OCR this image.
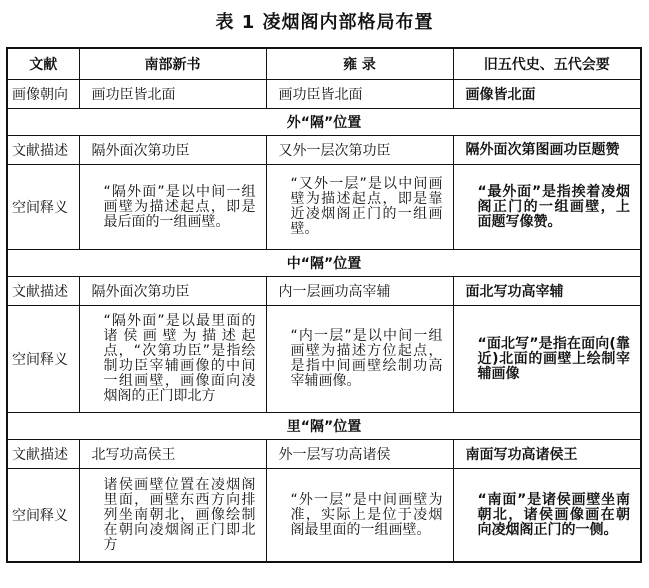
表 1 凌烟阁内部格局布置
文献	南部新书	雍 录	旧五代史、五代会要
画像朝向	画功臣皆北面	画功臣皆北面	画像皆北面
外“隔”位置			
文献描述	隔外面次第功臣	又外一层次第功臣	隔外面次第图画功臣题赞
空间释义	“隔外面”是以中间一组画壁为描述起点，即是最后面的一组画壁。	“又外一层”是以中间画壁为描述起点，即是靠近凌烟阁正门的一组画壁。	“最外面”是指挨着凌烟阁正门的一组画壁，上面题写像赞。
中“隔”位置			
文献描述	隔外面次第功臣	内一层画功高宰辅	面北写功高宰辅
空间释义	“隔外面”是以最里面的诸侯画壁为描述起点，“次第功臣”是指绘制功臣宰辅画像的中间一组画壁，画像面向凌烟阁的正门即北方	“内一层”是以中间一组画壁为描述方位起点，是指中间画壁绘制功高宰辅画像。	“面北写”是指在面向(靠近)北面的画壁上绘制宰辅画像
里“隔”位置			
文献描述	北写功高侯王	外一层写功高诸侯	南面写功高诸侯王
空间释义	诸侯画壁位置在凌烟阁里面，画壁东西方向排列坐南朝北，画像绘制在朝向凌烟阁正门即北方	“外一层”是中间画壁为准，实际上是位于凌烟阁最里面的一组画壁。	“南面”是诸侯画壁坐南朝北，诸侯画像画在朝向凌烟阁正门的一侧。
